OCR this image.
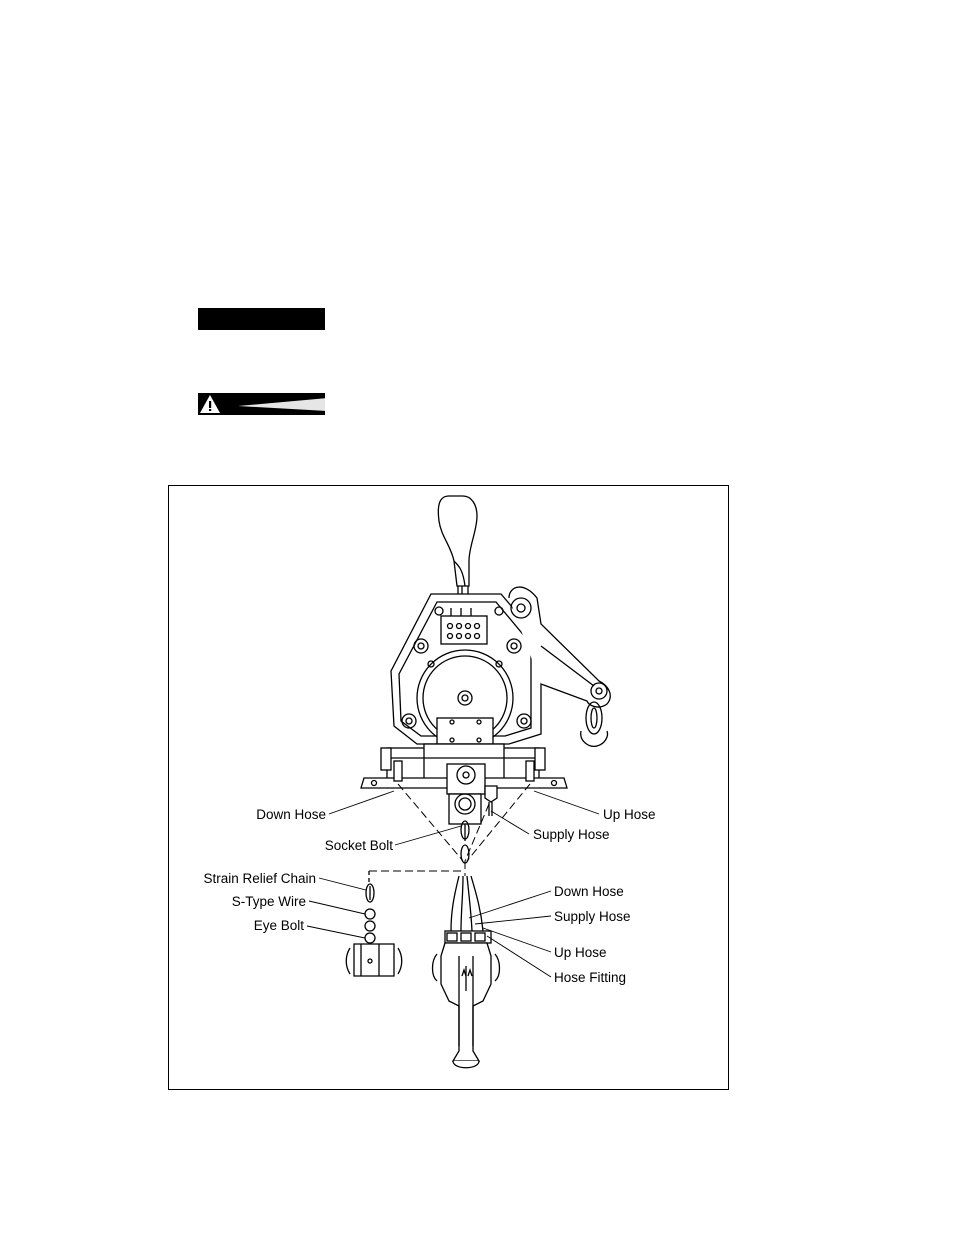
Down Hose	Up Hose
Socket Bolt
Supply Hose
Strain Relief Chain
S-Type Wire
Eye Bolt
Down Hose
Supply Hose
Up Hose
Hose Fitting
